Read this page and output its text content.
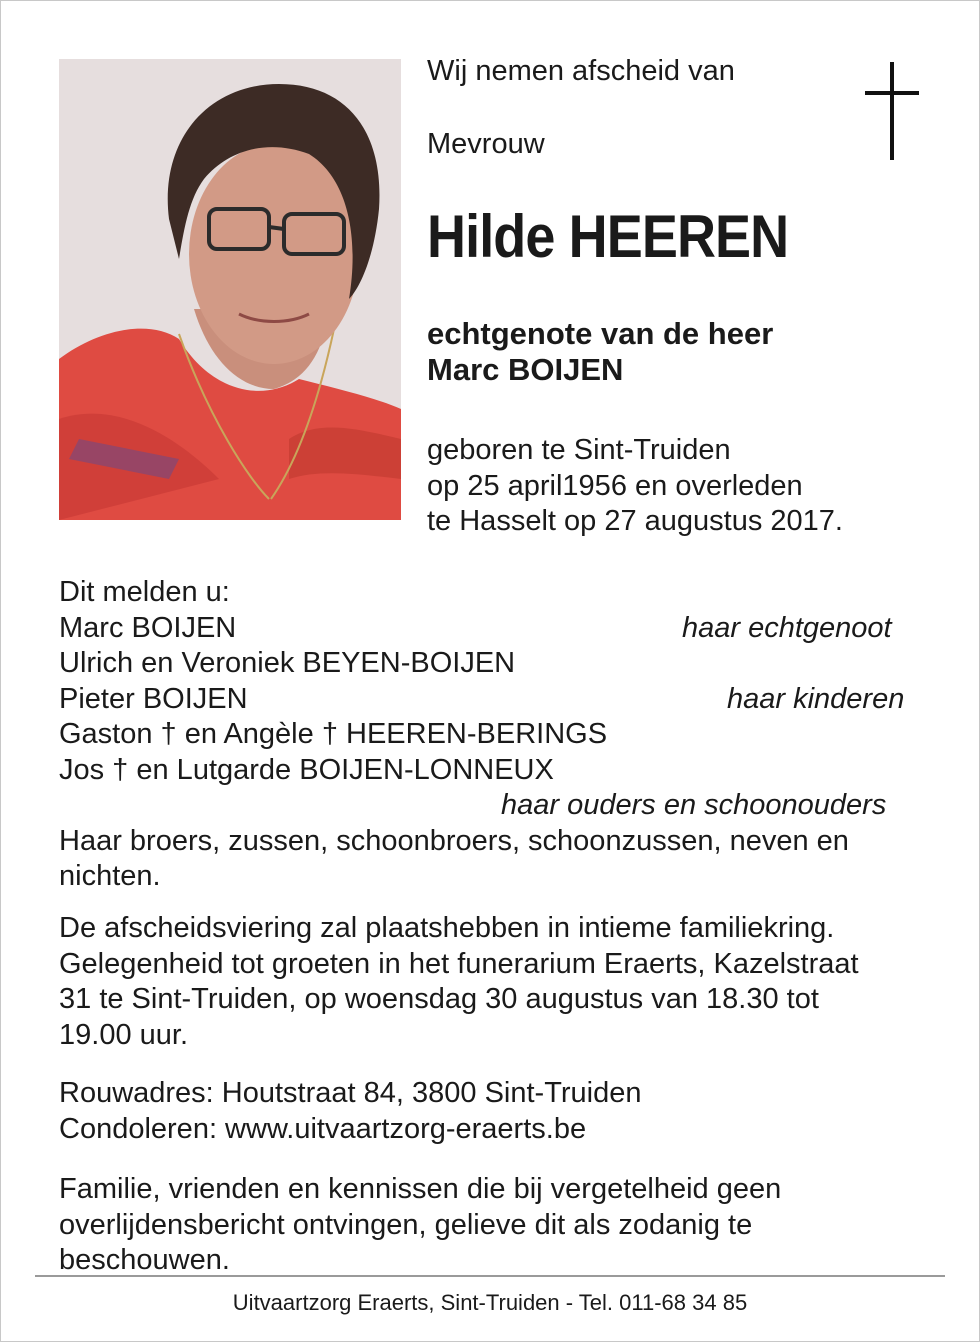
Wij nemen afscheid van
Mevrouw
Hilde HEEREN
echtgenote van de heer
Marc BOIJEN
geboren te Sint-Truiden
op 25 april1956 en overleden
te Hasselt op 27 augustus 2017.
Dit melden u:
Marc BOIJEN	haar echtgenoot
Ulrich en Veroniek BEYEN-BOIJEN
Pieter BOIJEN	haar kinderen
Gaston † en Angèle † HEEREN-BERINGS
Jos † en Lutgarde BOIJEN-LONNEUX
haar ouders en schoonouders
Haar broers, zussen, schoonbroers, schoonzussen, neven en
nichten.
De afscheidsviering zal plaatshebben in intieme familiekring.
Gelegenheid tot groeten in het funerarium Eraerts, Kazelstraat
31 te Sint-Truiden, op woensdag 30 augustus van 18.30 tot
19.00 uur.
Rouwadres: Houtstraat 84, 3800 Sint-Truiden
Condoleren: www.uitvaartzorg-eraerts.be
Familie, vrienden en kennissen die bij vergetelheid geen
overlijdensbericht ontvingen, gelieve dit als zodanig te
beschouwen.
Uitvaartzorg Eraerts, Sint-Truiden - Tel. 011-68 34 85
